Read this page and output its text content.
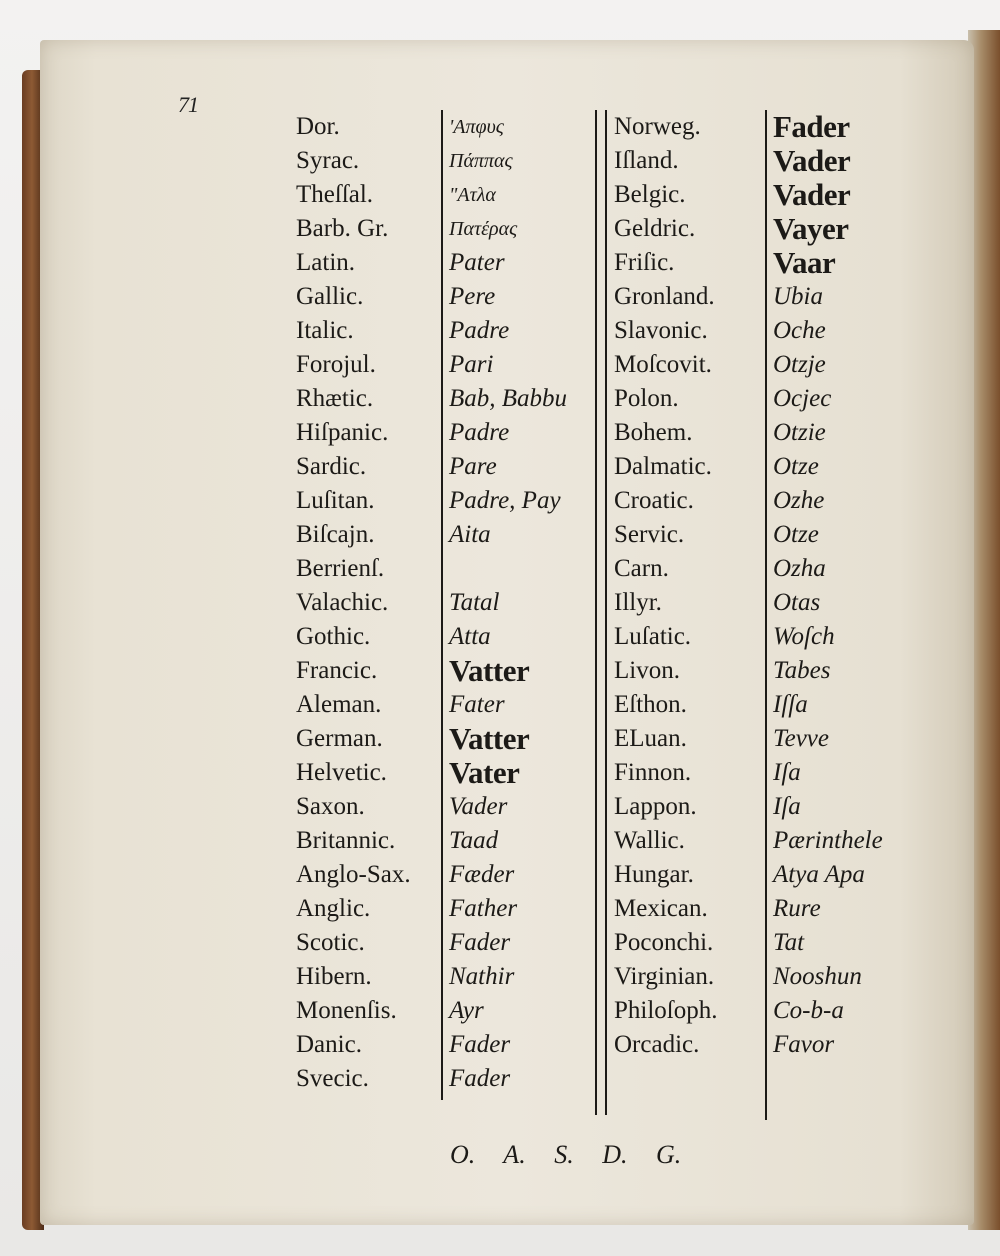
71
Dor.
Syrac.
Theſſal.
Barb. Gr.
Latin.
Gallic.
Italic.
Forojul.
Rhætic.
Hiſpanic.
Sardic.
Luſitan.
Biſcajn.
Berrienſ.
Valachic.
Gothic.
Francic.
Aleman.
German.
Helvetic.
Saxon.
Britannic.
Anglo-Sax.
Anglic.
Scotic.
Hibern.
Monenſis.
Danic.
Svecic.
'Απφυς
Πάππας
"Ατλα
Πατέρας
Pater
Pere
Padre
Pari
Bab, Babbu
Padre
Pare
Padre, Pay
Aita
Tatal
Atta
Vatter
Fater
Vatter
Vater
Vader
Taad
Fæder
Father
Fader
Nathir
Ayr
Fader
Fader
Norweg.
Iſland.
Belgic.
Geldric.
Friſic.
Gronland.
Slavonic.
Moſcovit.
Polon.
Bohem.
Dalmatic.
Croatic.
Servic.
Carn.
Illyr.
Luſatic.
Livon.
Eſthon.
ELuan.
Finnon.
Lappon.
Wallic.
Hungar.
Mexican.
Poconchi.
Virginian.
Philoſoph.
Orcadic.
Fader
Vader
Vader
Vayer
Vaar
Ubia
Oche
Otzje
Ocjec
Otzie
Otze
Ozhe
Otze
Ozha
Otas
Woſch
Tabes
Iſſa
Tevve
Iſa
Iſa
Pærinthele
Atya Apa
Rure
Tat
Nooshun
Co-b-a
Favor
O. A. S. D. G.
